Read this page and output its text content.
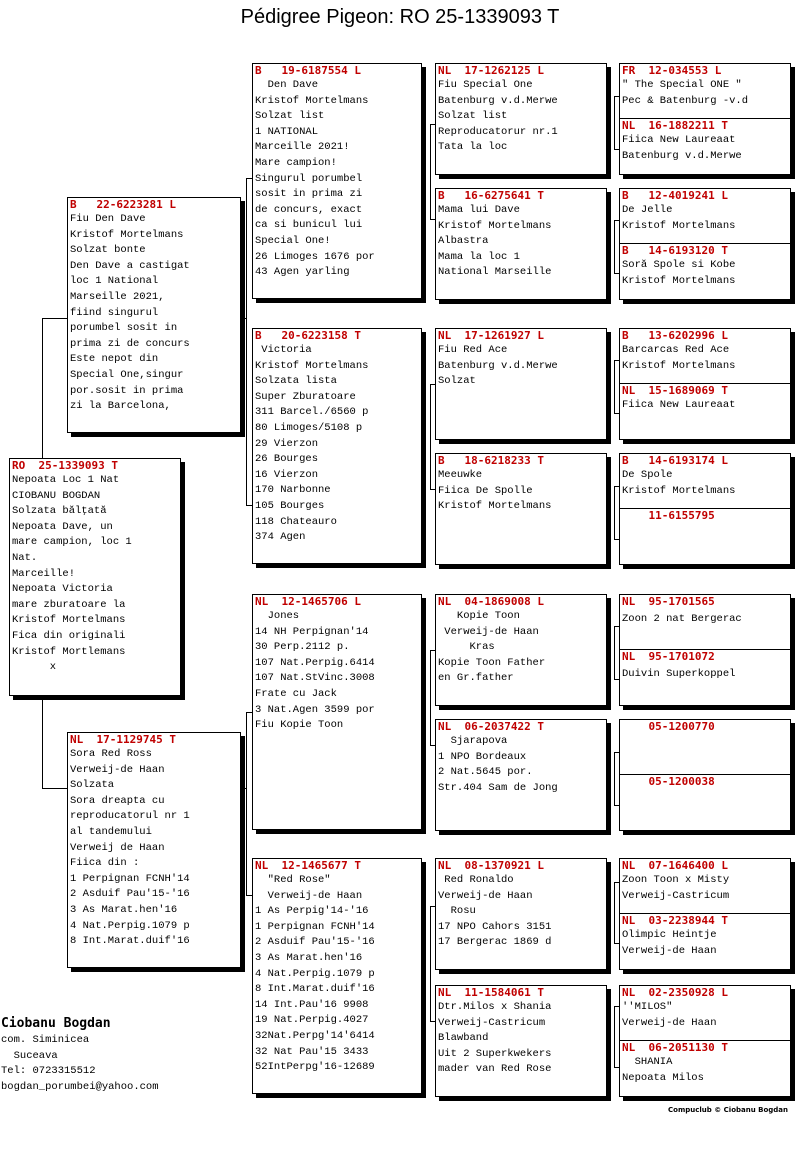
Pédigree Pigeon: RO 25-1339093 T
RO  25-1339093 T
Nepoata Loc 1 Nat
CIOBANU BOGDAN
Solzata bălţată
Nepoata Dave, un
mare campion, loc 1
Nat.
Marceille!
Nepoata Victoria
mare zburatoare la
Kristof Mortelmans
Fica din originali
Kristof Mortlemans
x
B   22-6223281 L
Fiu Den Dave
Kristof Mortelmans
Solzat bonte
Den Dave a castigat
loc 1 National
Marseille 2021,
fiind singurul
porumbel sosit in
prima zi de concurs
Este nepot din
Special One,singur
por.sosit in prima
zi la Barcelona,
NL  17-1129745 T
Sora Red Ross
Verweij-de Haan
Solzata
Sora dreapta cu
reproducatorul nr 1
al tandemului
Verweij de Haan
Fiica din :
1 Perpignan FCNH'14
2 Asduif Pau'15-'16
3 As Marat.hen'16
4 Nat.Perpig.1079 p
8 Int.Marat.duif'16
B   19-6187554 L
Den Dave
Kristof Mortelmans
Solzat list
1 NATIONAL
Marceille 2021!
Mare campion!
Singurul porumbel
sosit in prima zi
de concurs, exact
ca si bunicul lui
Special One!
26 Limoges 1676 por
43 Agen yarling
B   20-6223158 T
Victoria
Kristof Mortelmans
Solzata lista
Super Zburatoare
311 Barcel./6560 p
80 Limoges/5108 p
29 Vierzon
26 Bourges
16 Vierzon
170 Narbonne
105 Bourges
118 Chateauro
374 Agen
NL  12-1465706 L
Jones
14 NH Perpignan'14
30 Perp.2112 p.
107 Nat.Perpig.6414
107 Nat.StVinc.3008
Frate cu Jack
3 Nat.Agen 3599 por
Fiu Kopie Toon
NL  12-1465677 T
"Red Rose"
Verweij-de Haan
1 As Perpig'14-'16
1 Perpignan FCNH'14
2 Asduif Pau'15-'16
3 As Marat.hen'16
4 Nat.Perpig.1079 p
8 Int.Marat.duif'16
14 Int.Pau'16 9908
19 Nat.Perpig.4027
32Nat.Perpg'14'6414
32 Nat Pau'15 3433
52IntPerpg'16-12689
NL  17-1262125 L
Fiu Special One
Batenburg v.d.Merwe
Solzat list
Reproducatorur nr.1
Tata la loc
B   16-6275641 T
Mama lui Dave
Kristof Mortelmans
Albastra
Mama la loc 1
National Marseille
NL  17-1261927 L
Fiu Red Ace
Batenburg v.d.Merwe
Solzat
B   18-6218233 T
Meeuwke
Fiica De Spolle
Kristof Mortelmans
NL  04-1869008 L
Kopie Toon
Verweij-de Haan
Kras
Kopie Toon Father
en Gr.father
NL  06-2037422 T
Sjarapova
1 NPO Bordeaux
2 Nat.5645 por.
Str.404 Sam de Jong
NL  08-1370921 L
Red Ronaldo
Verweij-de Haan
Rosu
17 NPO Cahors 3151
17 Bergerac 1869 d
NL  11-1584061 T
Dtr.Milos x Shania
Verweij-Castricum
Blawband
Uit 2 Superkwekers
mader van Red Rose
FR  12-034553 L
" The Special ONE "
Pec & Batenburg -v.d
NL  16-1882211 T
Fiica New Laureaat
Batenburg v.d.Merwe
B   12-4019241 L
De Jelle
Kristof Mortelmans
B   14-6193120 T
Soră Spole si Kobe
Kristof Mortelmans
B   13-6202996 L
Barcarcas Red Ace
Kristof Mortelmans
NL  15-1689069 T
Fiica New Laureaat
B   14-6193174 L
De Spole
Kristof Mortelmans
11-6155795
NL  95-1701565
Zoon 2 nat Bergerac
NL  95-1701072
Duivin Superkoppel
05-1200770
05-1200038
NL  07-1646400 L
Zoon Toon x Misty
Verweij-Castricum
NL  03-2238944 T
Olimpic Heintje
Verweij-de Haan
NL  02-2350928 L
''MILOS"
Verweij-de Haan
NL  06-2051130 T
SHANIA
Nepoata Milos
Ciobanu Bogdan
com. Siminicea
Suceava
Tel: 0723315512
bogdan_porumbei@yahoo.com
Compuclub © Ciobanu Bogdan
